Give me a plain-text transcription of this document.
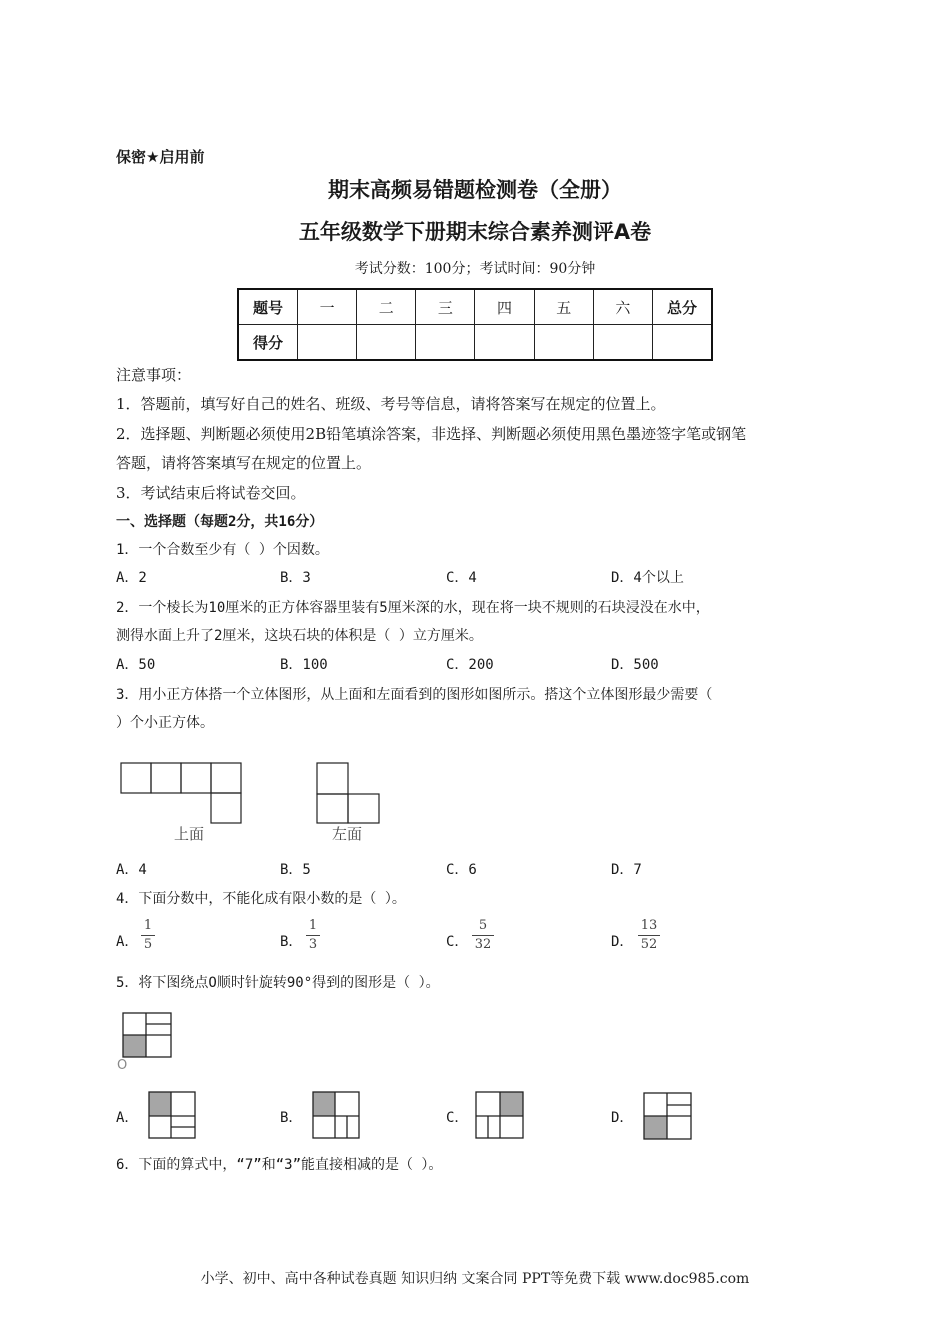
保密★启用前
期末高频易错题检测卷（全册）
五年级数学下册期末综合素养测评A卷
考试分数：100分；考试时间：90分钟
题号	一	二	三	四	五	六	总分
得分							
注意事项：
1．答题前，填写好自己的姓名、班级、考号等信息，请将答案写在规定的位置上。
2．选择题、判断题必须使用2B铅笔填涂答案，非选择、判断题必须使用黑色墨迹签字笔或钢笔
答题，请将答案填写在规定的位置上。
3．考试结束后将试卷交回。
一、选择题（每题2分，共16分）
1．一个合数至少有（ ）个因数。
A．2	B．3	C．4	D．4个以上
2．一个棱长为10厘米的正方体容器里装有5厘米深的水，现在将一块不规则的石块浸没在水中，
测得水面上升了2厘米，这块石块的体积是（ ）立方厘米。
A．50	B．100	C．200	D．500
3．用小正方体搭一个立体图形，从上面和左面看到的图形如图所示。搭这个立体图形最少需要（
）个小正方体。
上面	左面
A．4	B．5	C．6	D．7
4．下面分数中，不能化成有限小数的是（ ）。
A．
1
5	B．
1
3	C．
5
32	D．
13
52
5．将下图绕点O顺时针旋转90°得到的图形是（ ）。
O
A．	B．	C．	D．
6．下面的算式中，“7”和“3”能直接相减的是（ ）。
小学、初中、高中各种试卷真题 知识归纳 文案合同 PPT等免费下载 www.doc985.com
